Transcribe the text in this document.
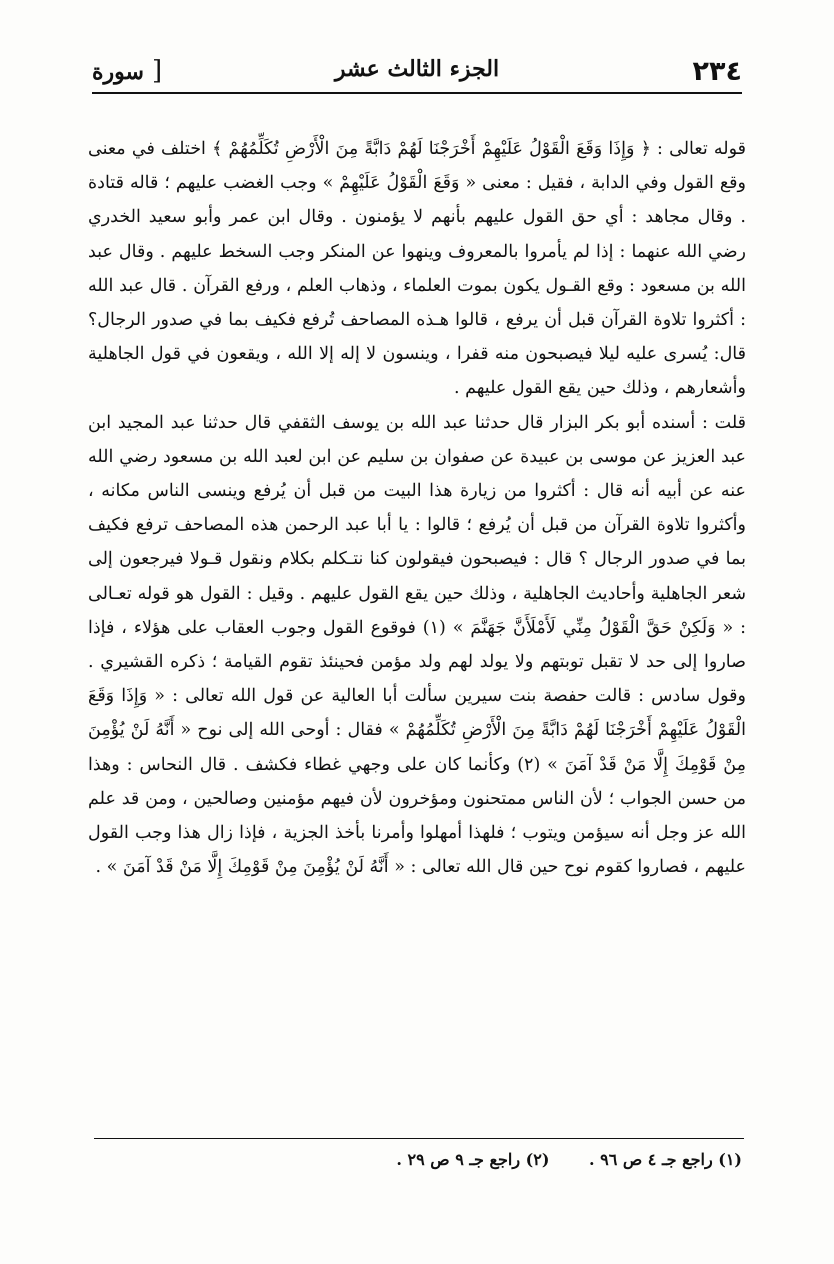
٢٣٤
الجزء الثالث عشر
[سورة

قوله تعالى : ﴿ وَإِذَا وَقَعَ الْقَوْلُ عَلَيْهِمْ أَخْرَجْنَا لَهُمْ دَابَّةً مِنَ الْأَرْضِ تُكَلِّمُهُمْ ﴾ اختلف في معنى وقع القول وفي الدابة ، فقيل : معنى « وَقَعَ الْقَوْلُ عَلَيْهِمْ » وجب الغضب عليهم ؛ قاله قتادة . وقال مجاهد : أي حق القول عليهم بأنهم لا يؤمنون . وقال ابن عمر وأبو سعيد الخدري رضي الله عنهما : إذا لم يأمروا بالمعروف وينهوا عن المنكر وجب السخط عليهم . وقال عبد الله بن مسعود : وقع القـول يكون بموت العلماء ، وذهاب العلم ، ورفع القرآن . قال عبد الله : أكثروا تلاوة القرآن قبل أن يرفع ، قالوا هـذه المصاحف تُرفع فكيف بما في صدور الرجال؟ قال: يُسرى عليه ليلا فيصبحون منه قفرا ، وينسون لا إله إلا الله ، ويقعون في قول الجاهلية وأشعارهم ، وذلك حين يقع القول عليهم .

قلت : أسنده أبو بكر البزار قال حدثنا عبد الله بن يوسف الثقفي قال حدثنا عبد المجيد ابن عبد العزيز عن موسى بن عبيدة عن صفوان بن سليم عن ابن لعبد الله بن مسعود رضي الله عنه عن أبيه أنه قال : أكثروا من زيارة هذا البيت من قبل أن يُرفع وينسى الناس مكانه ، وأكثروا تلاوة القرآن من قبل أن يُرفع ؛ قالوا : يا أبا عبد الرحمن هذه المصاحف ترفع فكيف بما في صدور الرجال ؟ قال : فيصبحون فيقولون كنا نتـكلم بكلام ونقول قـولا فيرجعون إلى شعر الجاهلية وأحاديث الجاهلية ، وذلك حين يقع القول عليهم . وقيل : القول هو قوله تعـالى : « وَلَكِنْ حَقَّ الْقَوْلُ مِنِّي لَأَمْلَأَنَّ جَهَنَّمَ » (١) فوقوع القول وجوب العقاب على هؤلاء ، فإذا صاروا إلى حد لا تقبل توبتهم ولا يولد لهم ولد مؤمن فحينئذ تقوم القيامة ؛ ذكره القشيري . وقول سادس : قالت حفصة بنت سيرين سألت أبا العالية عن قول الله تعالى : « وَإِذَا وَقَعَ الْقَوْلُ عَلَيْهِمْ أَخْرَجْنَا لَهُمْ دَابَّةً مِنَ الْأَرْضِ تُكَلِّمُهُمْ » فقال : أوحى الله إلى نوح « أَنَّهُ لَنْ يُؤْمِنَ مِنْ قَوْمِكَ إِلَّا مَنْ قَدْ آمَنَ » (٢) وكأنما كان على وجهي غطاء فكشف . قال النحاس : وهذا من حسن الجواب ؛ لأن الناس ممتحنون ومؤخرون لأن فيهم مؤمنين وصالحين ، ومن قد علم الله عز وجل أنه سيؤمن ويتوب ؛ فلهذا أمهلوا وأمرنا بأخذ الجزية ، فإذا زال هذا وجب القول عليهم ، فصاروا كقوم نوح حين قال الله تعالى : « أَنَّهُ لَنْ يُؤْمِنَ مِنْ قَوْمِكَ إِلَّا مَنْ قَدْ آمَنَ » .

(١) راجع جـ ٤ ص ٩٦ . (٢) راجع جـ ٩ ص ٢٩ .
